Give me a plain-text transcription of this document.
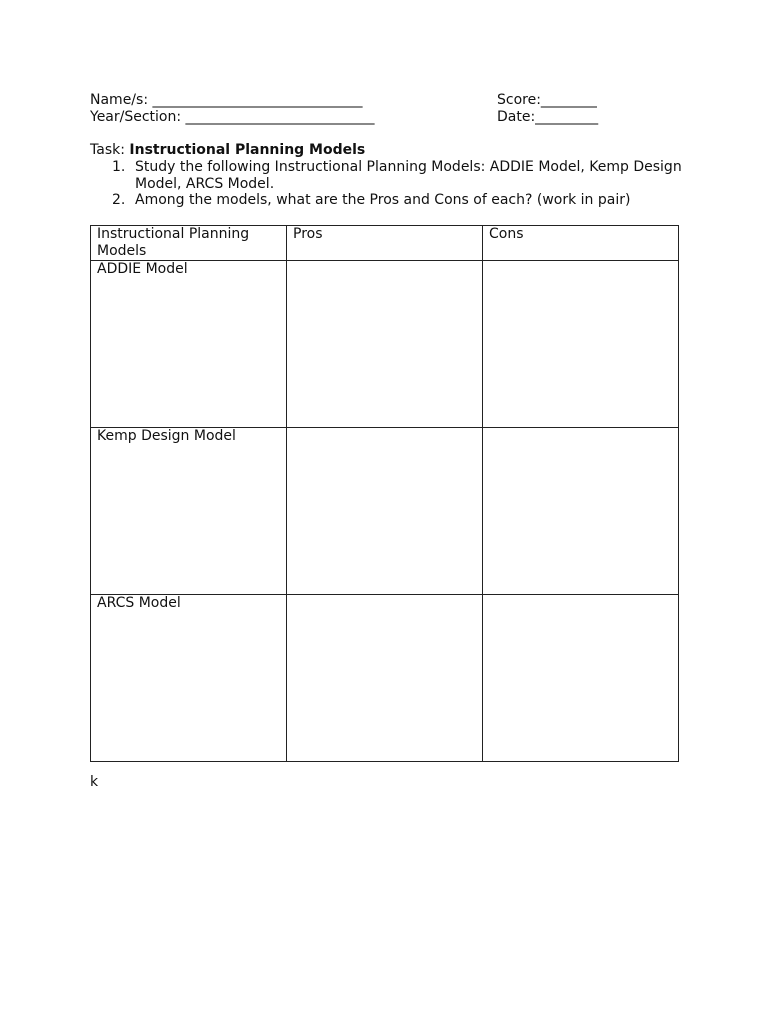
Name/s: ______________________________

	Score:________

Year/Section: ___________________________

	Date:_________

Task: Instructional Planning Models
1. Study the following Instructional Planning Models: ADDIE Model, Kemp Design Model, ARCS Model.
2. Among the models, what are the Pros and Cons of each? (work in pair)
Instructional Planning Models	Pros	Cons
ADDIE Model		
Kemp Design Model		
ARCS Model		
k
